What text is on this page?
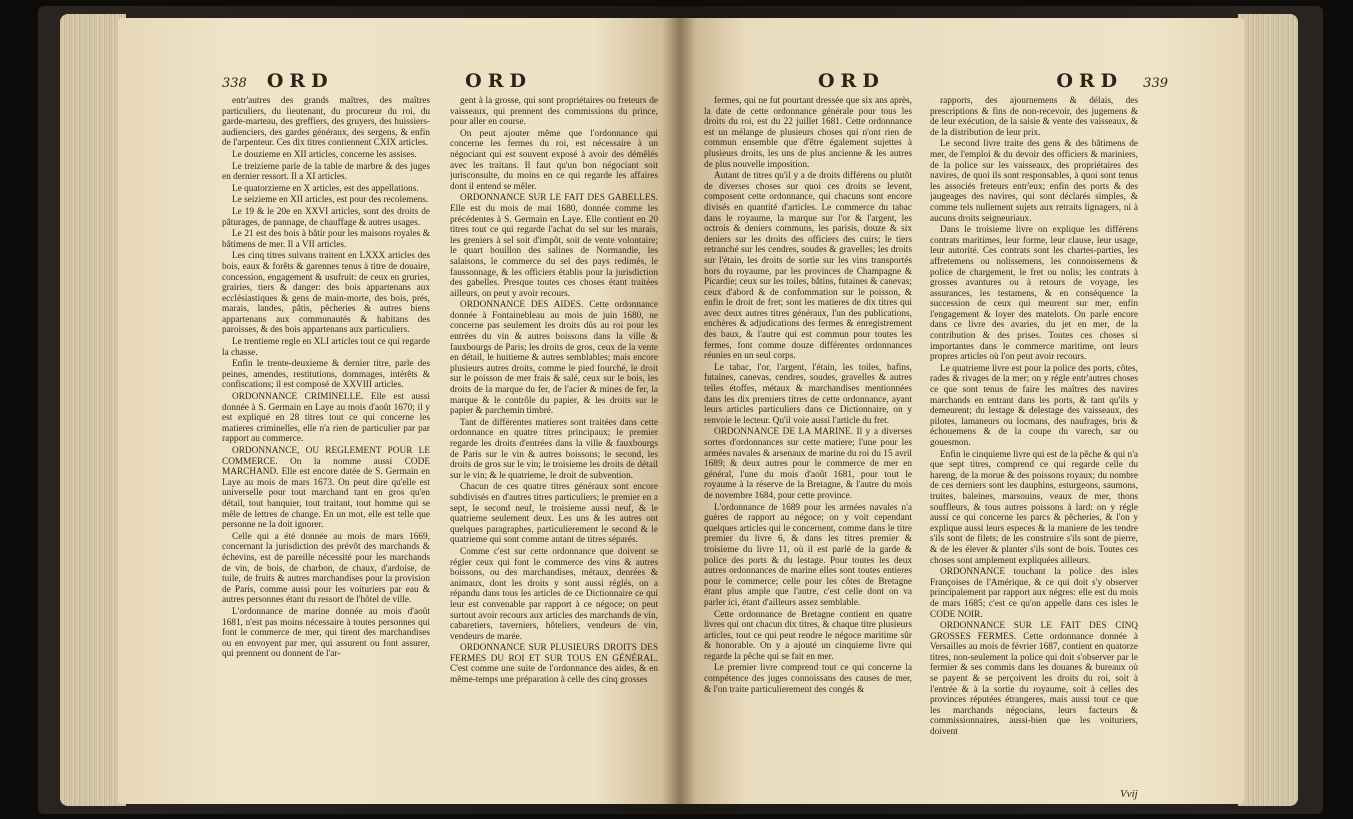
338 ORD	ORD

entr'autres des grands maîtres, des maîtres particuliers, du lieutenant, du procureur du roi, du garde-marteau, des greffiers, des gruyers, des huissiers-audienciers, des gardes généraux, des sergens, & enfin de l'arpenteur. Ces dix titres contiennent CXIX articles.

Le douzieme en XII articles, concerne les assises.

Le treizieme parle de la table de marbre & des juges en dernier ressort. Il a XI articles.

Le quatorzieme en X articles, est des appellations.

Le seizieme en XII articles, est pour des recolemens.

Le 19 & le 20e en XXVI articles, sont des droits de pâturages, de pannage, de chauffage & autres usages.

Le 21 est des bois à bâtir pour les maisons royales & bâtimens de mer. Il a VII articles.

Les cinq titres suivans traitent en LXXX articles des bois, eaux & forêts & garennes tenus à titre de douaire, concession, engagement & usufruit: de ceux en gruries, grairies, tiers & danger: des bois appartenans aux ecclésiastiques & gens de main-morte, des bois, prés, marais, landes, pâtis, pêcheries & autres biens appartenans aux communautés & habitans des paroisses, & des bois appartenans aux particuliers.

Le trentieme regle en XLI articles tout ce qui regarde la chasse.

Enfin le trente-deuxieme & dernier titre, parle des peines, amendes, restitutions, dommages, intérêts & confiscations; il est composé de XXVIII articles.

ORDONNANCE CRIMINELLE. Elle est aussi donnée à S. Germain en Laye au mois d'août 1670; il y est expliqué en 28 titres tout ce qui concerne les matieres criminelles, elle n'a rien de particulier par par rapport au commerce.

ORDONNANCE, OU REGLEMENT POUR LE COMMERCE. On la nomme aussi CODE MARCHAND. Elle est encore datée de S. Germain en Laye au mois de mars 1673. On peut dire qu'elle est universelle pour tout marchand tant en gros qu'en détail, tout banquier, tout traitant, tout homme qui se mêle de lettres de change. En un mot, elle est telle que personne ne la doit ignorer.

Celle qui a été donnée au mois de mars 1669, concernant la jurisdiction des prévôt des marchands & échevins, est de pareille nécessité pour les marchands de vin, de bois, de charbon, de chaux, d'ardoise, de tuile, de fruits & autres marchandises pour la provision de Paris, comme aussi pour les voituriers par eau & autres personnes étant du ressort de l'hôtel de ville.

L'ordonnance de marine donnée au mois d'août 1681, n'est pas moins nécessaire à toutes personnes qui font le commerce de mer, qui tirent des marchandises ou en envoyent par mer, qui assurent ou font assurer, qui prennent ou donnent de l'ar-

gent à la grosse, qui sont propriétaires ou freteurs de vaisseaux, qui prennent des commissions du prince, pour aller en course.

On peut ajouter même que l'ordonnance qui concerne les fermes du roi, est nécessaire à un négociant qui est souvent exposé à avoir des démêlés avec les traitans. Il faut qu'un bon négociant soit jurisconsulte, du moins en ce qui regarde les affaires dont il entend se mêler.

ORDONNANCE SUR LE FAIT DES GABELLES. Elle est du mois de mai 1680, donnée comme les précédentes à S. Germain en Laye. Elle contient en 20 titres tout ce qui regarde l'achat du sel sur les marais, les greniers à sel soit d'impôt, soit de vente volontaire; le quart bouillon des salines de Normandie, les salaisons, le commerce du sel des pays redimés, le faussonnage, & les officiers établis pour la jurisdiction des gabelles. Presque toutes ces choses étant traitées ailleurs, on peut y avoir recours.

ORDONNANCE DES AIDES. Cette ordonnance donnée à Fontainebleau au mois de juin 1680, ne concerne pas seulement les droits dûs au roi pour les entrées du vin & autres boissons dans la ville & fauxbourgs de Paris; les droits de gros, ceux de la vente en détail, le huitieme & autres semblables; mais encore plusieurs autres droits, comme le pied fourché, le droit sur le poisson de mer frais & salé, ceux sur le bois, les droits de la marque du fer, de l'acier & mines de fer, la marque & le contrôle du papier, & les droits sur le papier & parchemin timbré.

Tant de différentes matieres sont traitées dans cette ordonnance en quatre titres principaux; le premier regarde les droits d'entrées dans la ville & fauxbourgs de Paris sur le vin & autres boissons; le second, les droits de gros sur le vin; le troisieme les droits de détail sur le vin; & le quatrieme, le droit de subvention.

Chacun de ces quatre titres généraux sont encore subdivisés en d'autres titres particuliers; le premier en a sept, le second neuf, le troisieme aussi neuf, & le quatrieme seulement deux. Les uns & les autres ont quelques paragraphes, particulierement le second & le quatrieme qui sont comme autant de titres séparés.

Comme c'est sur cette ordonnance que doivent se régler ceux qui font le commerce des vins & autres boissons, ou des marchandises, métaux, denrées & animaux, dont les droits y sont aussi réglés, on a répandu dans tous les articles de ce Dictionnaire ce qui leur est convenable par rapport à ce négoce; on peut surtout avoir recours aux articles des marchands de vin, cabaretiers, taverniers, hôteliers, vendeurs de vin, vendeurs de marée.

ORDONNANCE SUR PLUSIEURS DROITS DES FERMES DU ROI ET SUR TOUS EN GÉNÉRAL. C'est comme une suite de l'ordonnance des aides, & en même-temps une préparation à celle des cinq grosses

ORD	ORD 339

fermes, qui ne fut pourtant dressée que six ans après, la date de cette ordonnance générale pour tous les droits du roi, est du 22 juillet 1681. Cette ordonnance est un mélange de plusieurs choses qui n'ont rien de commun ensemble que d'être également sujettes à plusieurs droits, les uns de plus ancienne & les autres de plus nouvelle imposition.

Autant de titres qu'il y a de droits différens ou plutôt de diverses choses sur quoi ces droits se levent, composent cette ordonnance, qui chacuns sont encore divisés en quantité d'articles. Le commerce du tabac dans le royaume, la marque sur l'or & l'argent, les octrois & deniers communs, les parisis, douze & six deniers sur les droits des officiers des cuirs; le tiers retranché sur les cendres, soudes & gravelles; les droits sur l'étain, les droits de sortie sur les vins transportés hors du royaume, par les provinces de Champagne & Picardie; ceux sur les toiles, bâtins, futaines & canevas; ceux d'abord & de confommation sur le poisson, & enfin le droit de fret; sont les matieres de dix titres qui avec deux autres titres généraux, l'un des publications, enchères & adjudications des fermes & enregistrement des baux, & l'autre qui est commun pour toutes les fermes, font comme douze différentes ordonnances réunies en un seul corps.

Le tabac, l'or, l'argent, l'étain, les toiles, bafins, futaines, canevas, cendres, soudes, gravelles & autres telles étoffes, métaux & marchandises mentionnées dans les dix premiers titres de cette ordonnance, ayant leurs articles particuliers dans ce Dictionnaire, on y renvoie le lecteur. Qu'il voie aussi l'article du fret.

ORDONNANCE DE LA MARINE. Il y a diverses sortes d'ordonnances sur cette matiere; l'une pour les armées navales & arsenaux de marine du roi du 15 avril 1689; & deux autres pour le commerce de mer en général, l'une du mois d'août 1681, pour tout le royaume à la réserve de la Bretagne, & l'autre du mois de novembre 1684, pour cette province.

L'ordonnance de 1689 pour les armées navales n'a guères de rapport au négoce; on y voit cependant quelques articles qui le concernent, comme dans le titre premier du livre 6, & dans les titres premier & troisieme du livre 11, où il est parlé de la garde & police des ports & du lestage. Pour toutes les deux autres ordonnances de marine elles sont toutes entieres pour le commerce; celle pour les côtes de Bretagne étant plus ample que l'autre, c'est celle dont on va parler ici, étant d'ailleurs assez semblable.

Cette ordonnance de Bretagne contient en quatre livres qui ont chacun dix titres, & chaque titre plusieurs articles, tout ce qui peut rendre le négoce maritime sûr & honorable. On y a ajouté un cinquieme livre qui regarde la pêche qui se fait en mer.

Le premier livre comprend tout ce qui concerne la compétence des juges connoissans des causes de mer, & l'on traite particulierement des congés &

rapports, des ajournemens & délais, des prescriptions & fins de non-recevoir, des jugemens & de leur exécution, de la saisie & vente des vaisseaux, & de la distribution de leur prix.

Le second livre traite des gens & des bâtimens de mer, de l'emploi & du devoir des officiers & mariniers, de la police sur les vaisseaux, des propriétaires des navires, de quoi ils sont responsables, à quoi sont tenus les associés freteurs entr'eux; enfin des ports & des jaugeages des navires, qui sont déclarés simples, & comme tels nullement sujets aux retraits lignagers, ni à aucuns droits seigneuriaux.

Dans le troisieme livre on explique les différens contrats maritimes, leur forme, leur clause, leur usage, leur autorité. Ces contrats sont les chartes-parties, les affretemens ou nolissemens, les connoissemens & police de chargement, le fret ou nolis; les contrats à grosses avantures ou à retours de voyage, les assurances, les testamens, & en conséquence la succession de ceux qui meurent sur mer, enfin l'engagement & loyer des matelots. On parle encore dans ce livre des avaries, du jet en mer, de la contribution & des prises. Toutes ces choses si importantes dans le commerce maritime, ont leurs propres articles où l'on peut avoir recours.

Le quatrieme livre est pour la police des ports, côtes, rades & rivages de la mer; on y régle entr'autres choses ce que sont tenus de faire les maîtres des navires marchands en entrant dans les ports, & tant qu'ils y demeurent; du lestage & delestage des vaisseaux, des pilotes, lamaneurs ou locmans, des naufrages, bris & échouemens & de la coupe du varech, sar ou gouesmon.

Enfin le cinquieme livre qui est de la pêche & qui n'a que sept titres, comprend ce qui regarde celle du hareng, de la morue & des poissons royaux; du nombre de ces derniers sont les dauphins, esturgeons, saumons, truites, baleines, marsouins, veaux de mer, thons souffleurs, & tous autres poissons à lard: on y régle aussi ce qui concerne les parcs & pêcheries, & l'on y explique aussi leurs especes & la maniere de les tendre s'ils sont de filets; de les construire s'ils sont de pierre, & de les élever & planter s'ils sont de bois. Toutes ces choses sont amplement expliquées ailleurs.

ORDONNANCE touchant la police des isles Françoises de l'Amérique, & ce qui doit s'y observer principalement par rapport aux négres: elle est du mois de mars 1685; c'est ce qu'on appelle dans ces isles le CODE NOIR.

ORDONNANCE SUR LE FAIT DES CINQ GROSSES FERMES. Cette ordonnance donnée à Versailles au mois de février 1687, contient en quatorze titres, non-seulement la police qui doit s'observer par le fermier & ses commis dans les douanes & bureaux où se payent & se perçoivent les droits du roi, soit à l'entrée & à la sortie du royaume, soit à celles des provinces réputées étrangeres, mais aussi tout ce que les marchands négocians, leurs facteurs & commissionnaires, aussi-bien que les voituriers, doivent

Vvij
